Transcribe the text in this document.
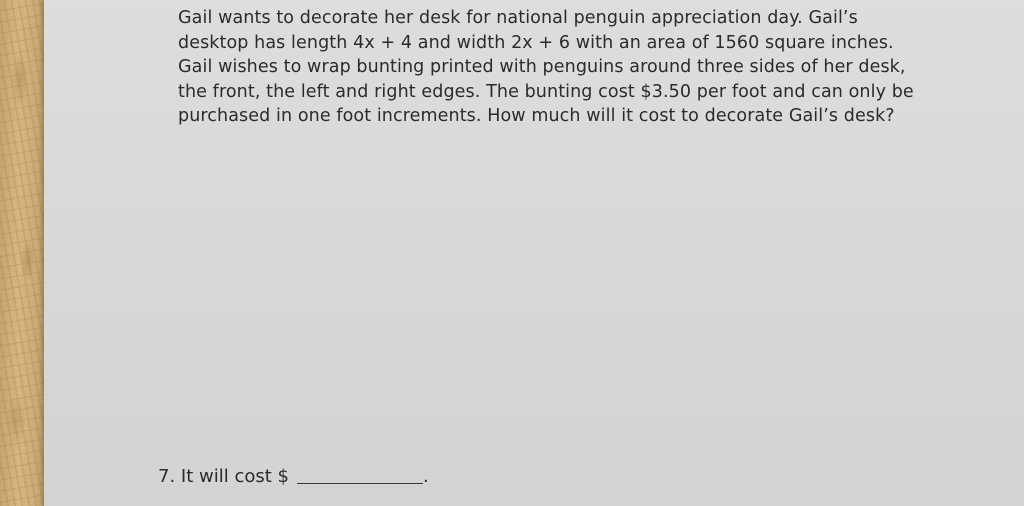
Gail wants to decorate her desk for national penguin appreciation day. Gail’s
desktop has length 4x + 4 and width 2x + 6 with an area of 1560 square inches.
Gail wishes to wrap bunting printed with penguins around three sides of her desk,
the front, the left and right edges. The bunting cost $3.50 per foot and can only be
purchased in one foot increments. How much will it cost to decorate Gail’s desk?

7. It will cost $	.
